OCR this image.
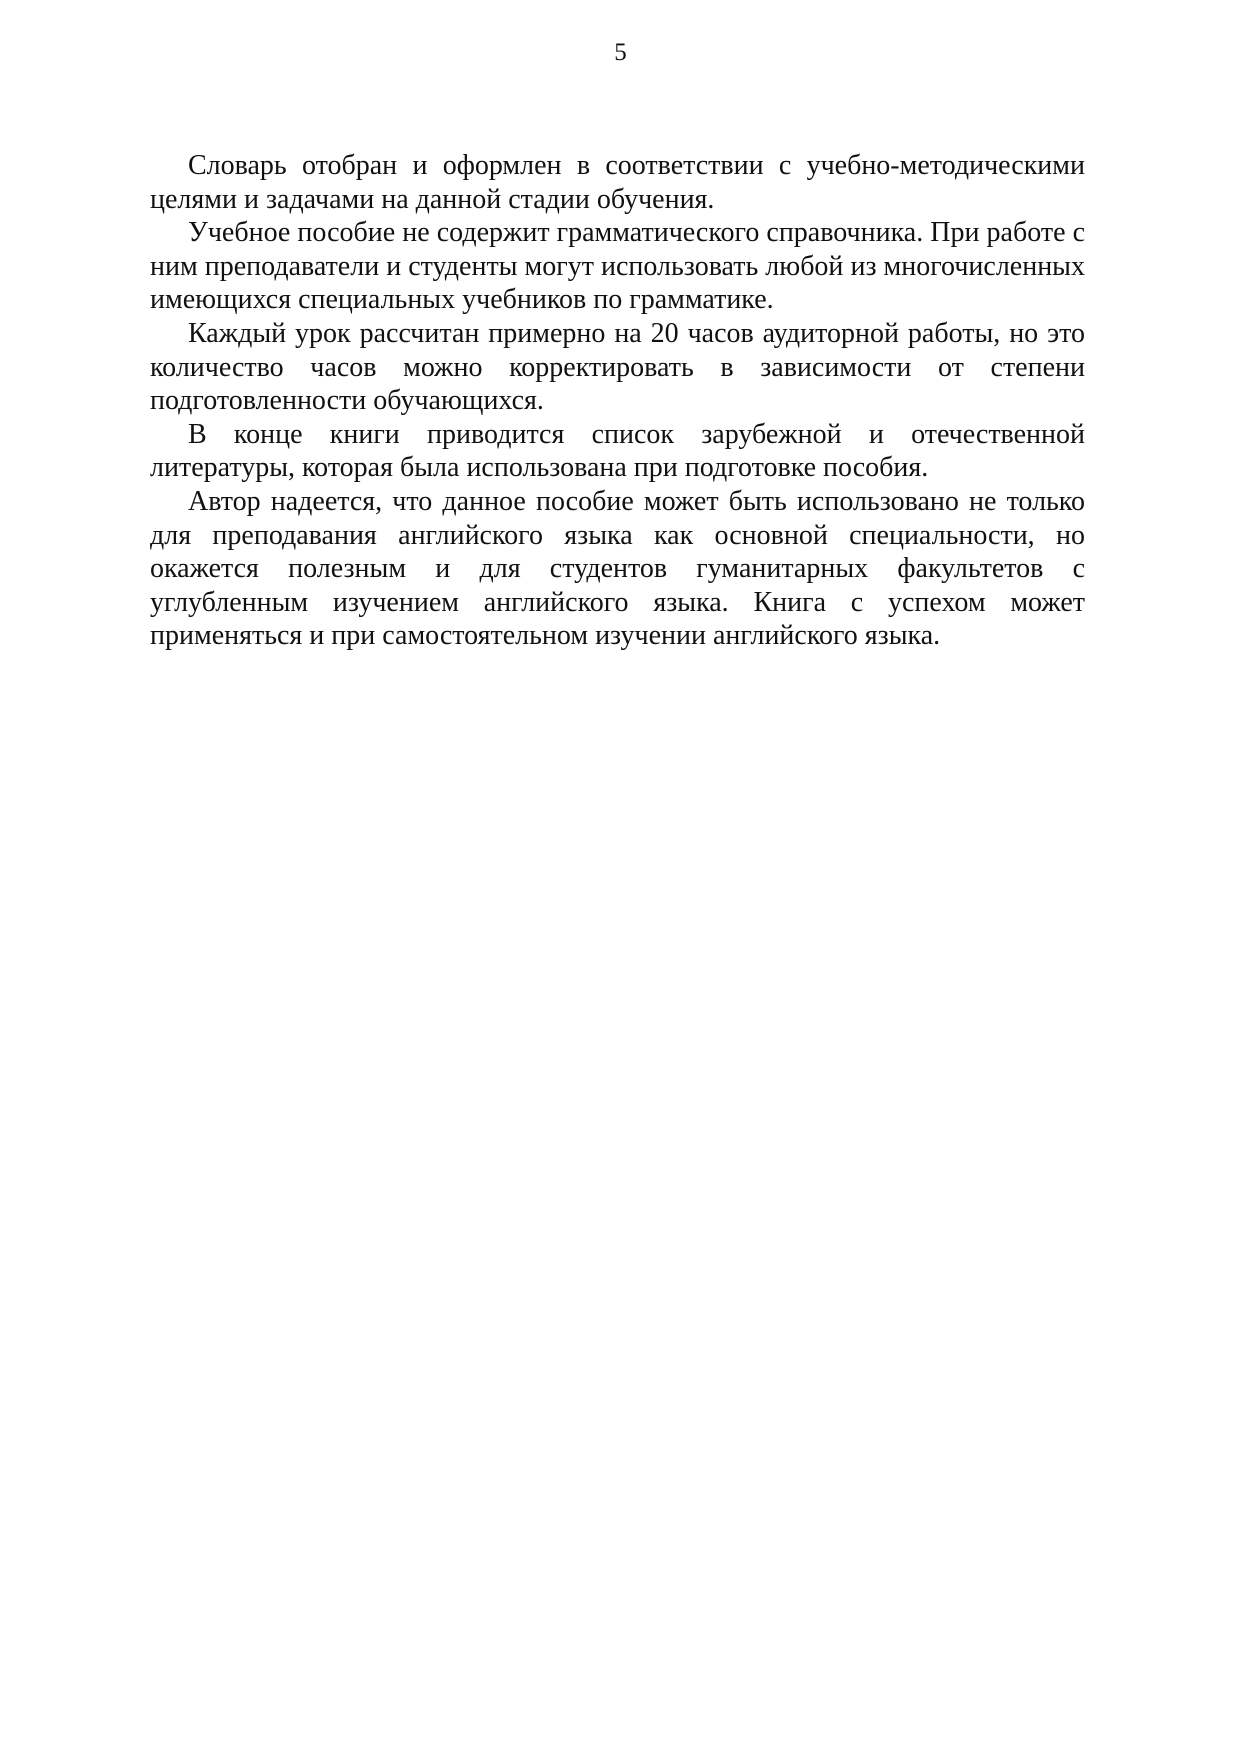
5

Словарь отобран и оформлен в соответствии с учебно-методическими целями и задачами на данной стадии обучения.

Учебное пособие не содержит грамматического справочника. При работе с ним преподаватели и студенты могут использовать любой из многочисленных имеющихся специальных учебников по грамматике.

Каждый урок рассчитан примерно на 20 часов аудиторной работы, но это количество часов можно корректировать в зависимости от степени подготовленности обучающихся.

В конце книги приводится список зарубежной и отечественной литературы, которая была использована при подготовке пособия.

Автор надеется, что данное пособие может быть использовано не только для преподавания английского языка как основной специальности, но окажется полезным и для студентов гуманитарных факультетов с углубленным изучением английского языка. Книга с успехом может применяться и при самостоятельном изучении английского языка.
